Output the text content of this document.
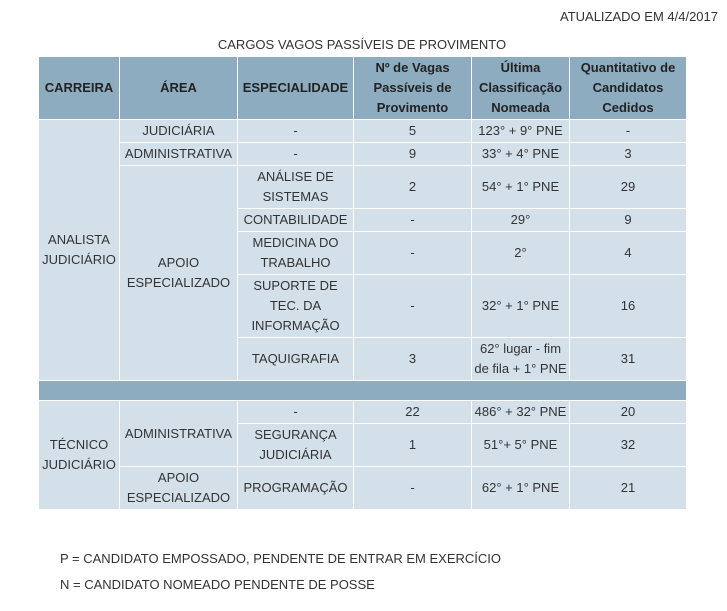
ATUALIZADO EM 4/4/2017
CARGOS VAGOS PASSÍVEIS DE PROVIMENTO
CARREIRA	ÁREA	ESPECIALIDADE	Nº de Vagas Passíveis de Provimento	Última Classificação Nomeada	Quantitativo de Candidatos Cedidos
ANALISTA JUDICIÁRIO	JUDICIÁRIA	-	5	123° + 9° PNE	-
	ADMINISTRATIVA	-	9	33° + 4° PNE	3
	APOIO ESPECIALIZADO	ANÁLISE DE SISTEMAS	2	54° + 1° PNE	29
		CONTABILIDADE	-	29°	9
		MEDICINA DO TRABALHO	-	2°	4
		SUPORTE DE TEC. DA INFORMAÇÃO	-	32° + 1° PNE	16
		TAQUIGRAFIA	3	62° lugar - fim de fila + 1° PNE	31

TÉCNICO JUDICIÁRIO	ADMINISTRATIVA	-	22	486° + 32° PNE	20
		SEGURANÇA JUDICIÁRIA	1	51°+ 5° PNE	32
	APOIO ESPECIALIZADO	PROGRAMAÇÃO	-	62° + 1° PNE	21
P = CANDIDATO EMPOSSADO, PENDENTE DE ENTRAR EM EXERCÍCIO
N = CANDIDATO NOMEADO PENDENTE DE POSSE
